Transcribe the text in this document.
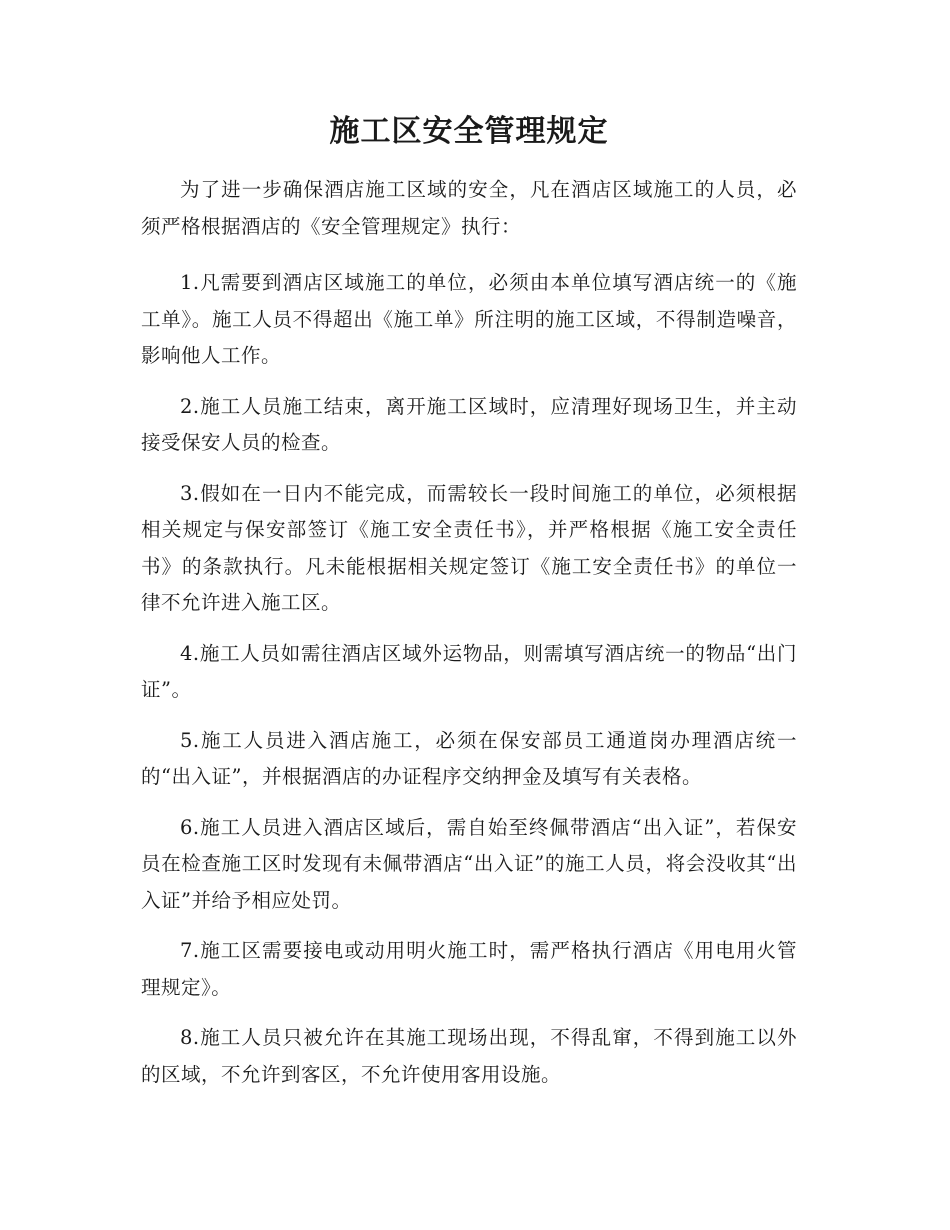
施工区安全管理规定

为了进一步确保酒店施工区域的安全，凡在酒店区域施工的人员，必须严格根据酒店的《安全管理规定》执行：

1.凡需要到酒店区域施工的单位，必须由本单位填写酒店统一的《施工单》。施工人员不得超出《施工单》所注明的施工区域，不得制造噪音，影响他人工作。

2.施工人员施工结束，离开施工区域时，应清理好现场卫生，并主动接受保安人员的检查。

3.假如在一日内不能完成，而需较长一段时间施工的单位，必须根据相关规定与保安部签订《施工安全责任书》，并严格根据《施工安全责任书》的条款执行。凡未能根据相关规定签订《施工安全责任书》的单位一律不允许进入施工区。

4.施工人员如需往酒店区域外运物品，则需填写酒店统一的物品“出门证”。

5.施工人员进入酒店施工，必须在保安部员工通道岗办理酒店统一的“出入证”，并根据酒店的办证程序交纳押金及填写有关表格。

6.施工人员进入酒店区域后，需自始至终佩带酒店“出入证”，若保安员在检查施工区时发现有未佩带酒店“出入证”的施工人员，将会没收其“出入证”并给予相应处罚。

7.施工区需要接电或动用明火施工时，需严格执行酒店《用电用火管理规定》。

8.施工人员只被允许在其施工现场出现，不得乱窜，不得到施工以外的区域，不允许到客区，不允许使用客用设施。
